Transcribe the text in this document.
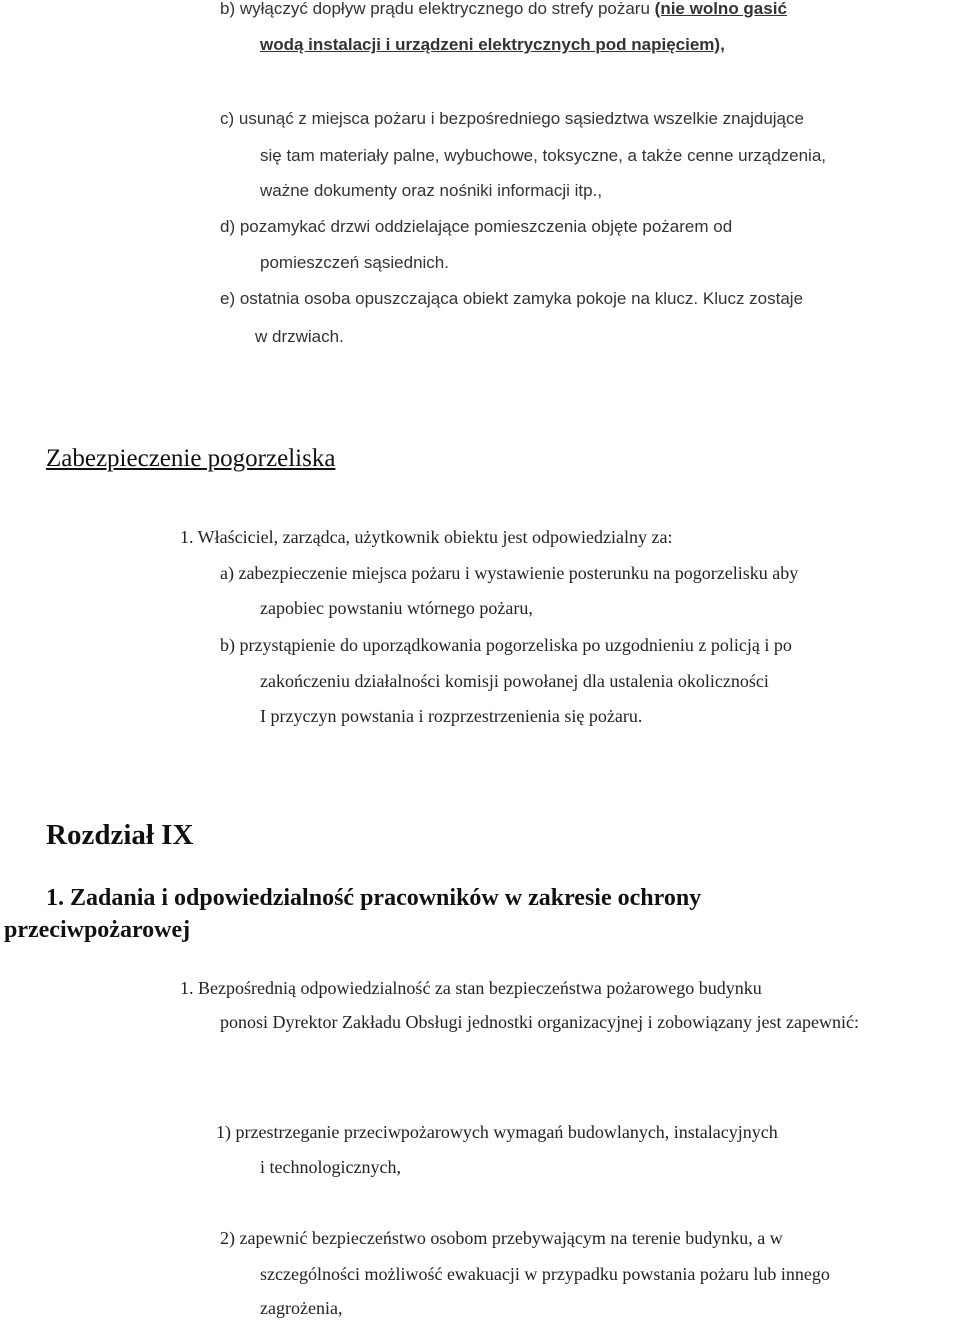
b) wyłączyć dopływ prądu elektrycznego do strefy pożaru (nie wolno gasić
wodą instalacji i urządzeni elektrycznych pod napięciem),
c) usunąć z miejsca pożaru i bezpośredniego sąsiedztwa wszelkie znajdujące
się tam materiały palne, wybuchowe, toksyczne, a także cenne urządzenia,
ważne dokumenty oraz nośniki informacji itp.,
d) pozamykać drzwi oddzielające pomieszczenia objęte pożarem od
pomieszczeń sąsiednich.
e) ostatnia osoba opuszczająca obiekt zamyka pokoje na klucz. Klucz zostaje
w drzwiach.
Zabezpieczenie pogorzeliska
1. Właściciel, zarządca, użytkownik obiektu jest odpowiedzialny za:
a) zabezpieczenie miejsca pożaru i wystawienie posterunku na pogorzelisku aby
zapobiec powstaniu wtórnego pożaru,
b) przystąpienie do uporządkowania pogorzeliska po uzgodnieniu z policją i po
zakończeniu działalności komisji powołanej dla ustalenia okoliczności
I przyczyn powstania i rozprzestrzenienia się pożaru.
Rozdział IX
1. Zadania i odpowiedzialność pracowników w zakresie ochrony
przeciwpożarowej
1. Bezpośrednią odpowiedzialność za stan bezpieczeństwa pożarowego budynku
ponosi Dyrektor Zakładu Obsługi jednostki organizacyjnej i zobowiązany jest zapewnić:
1) przestrzeganie przeciwpożarowych wymagań budowlanych, instalacyjnych
i technologicznych,
2) zapewnić bezpieczeństwo osobom przebywającym na terenie budynku, a w
szczególności możliwość ewakuacji w przypadku powstania pożaru lub innego
zagrożenia,
